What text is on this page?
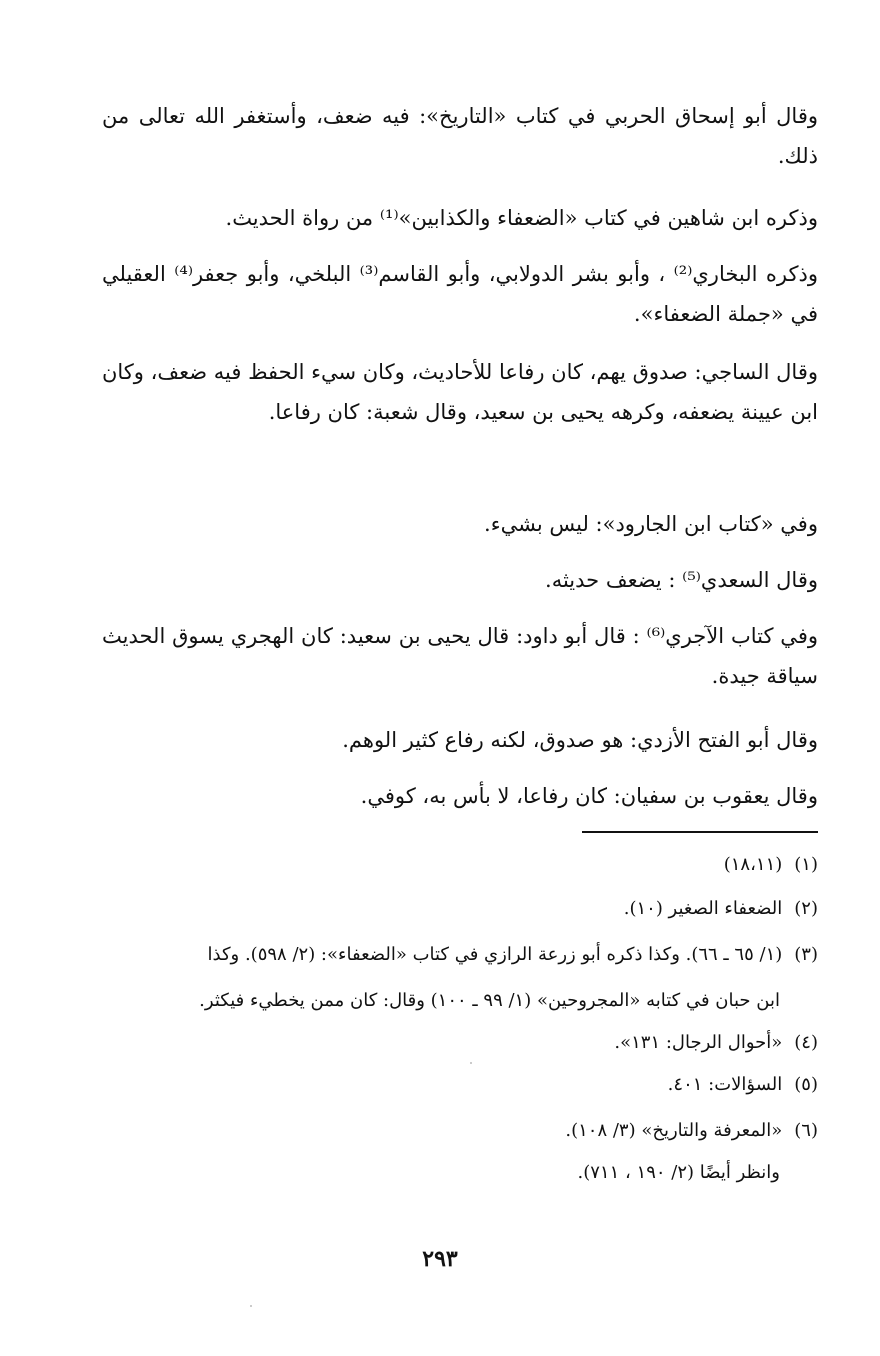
وقال أبو إسحاق الحربي في كتاب «التاريخ»: فيه ضعف، وأستغفر الله تعالى من ذلك.

وذكره ابن شاهين في كتاب «الضعفاء والكذابين»⁽¹⁾ من رواة الحديث.

وذكره البخاري⁽²⁾ ، وأبو بشر الدولابي، وأبو القاسم⁽³⁾ البلخي، وأبو جعفر⁽⁴⁾ العقيلي في «جملة الضعفاء».

وقال الساجي: صدوق يهم، كان رفاعا للأحاديث، وكان سيء الحفظ فيه ضعف، وكان ابن عيينة يضعفه، وكرهه يحيى بن سعيد، وقال شعبة: كان رفاعا.

وفي «كتاب ابن الجارود»: ليس بشيء.

وقال السعدي⁽⁵⁾ : يضعف حديثه.

وفي كتاب الآجري⁽⁶⁾ : قال أبو داود: قال يحيى بن سعيد: كان الهجري يسوق الحديث سياقة جيدة.

وقال أبو الفتح الأزدي: هو صدوق، لكنه رفاع كثير الوهم.

وقال يعقوب بن سفيان: كان رفاعا، لا بأس به، كوفي.

(١)(١٨،١١)

(٢)الضعفاء الصغير (١٠).

(٣)(١/ ٦٥ ـ ٦٦). وكذا ذكره أبو زرعة الرازي في كتاب «الضعفاء»: (٢/ ٥٩٨). وكذا

ابن حبان في كتابه «المجروحين» (١/ ٩٩ ـ ١٠٠) وقال: كان ممن يخطيء فيكثر.

(٤)«أحوال الرجال: ١٣١».

(٥)السؤالات: ٤٠١.

(٦)«المعرفة والتاريخ» (٣/ ١٠٨).

وانظر أيضًا (٢/ ١٩٠ ، ٧١١).

٢٩٣
